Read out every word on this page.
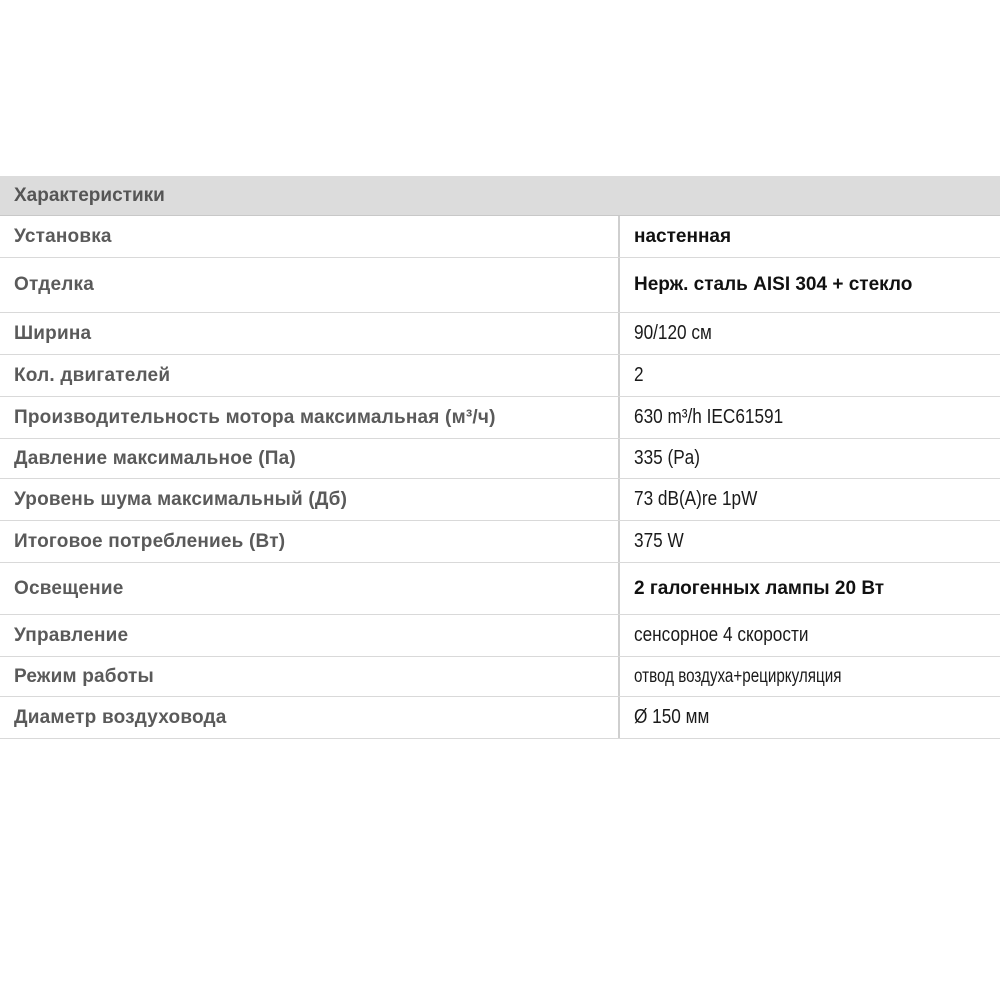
Характеристики
Установка	настенная
Отделка	Нерж. сталь AISI 304 + стекло
Ширина	90/120 см
Кол. двигателей	2
Производительность мотора максимальная (м³/ч)	630 m³/h IEC61591
Давление максимальное (Па)	335 (Pa)
Уровень шума максимальный (Дб)	73 dB(A)re 1pW
Итоговое потреблениеь (Вт)	375 W
Освещение	2 галогенных лампы 20 Вт
Управление	сенсорное 4 скорости
Режим работы	отвод воздуха+рециркуляция
Диаметр воздуховода	Ø 150 мм
